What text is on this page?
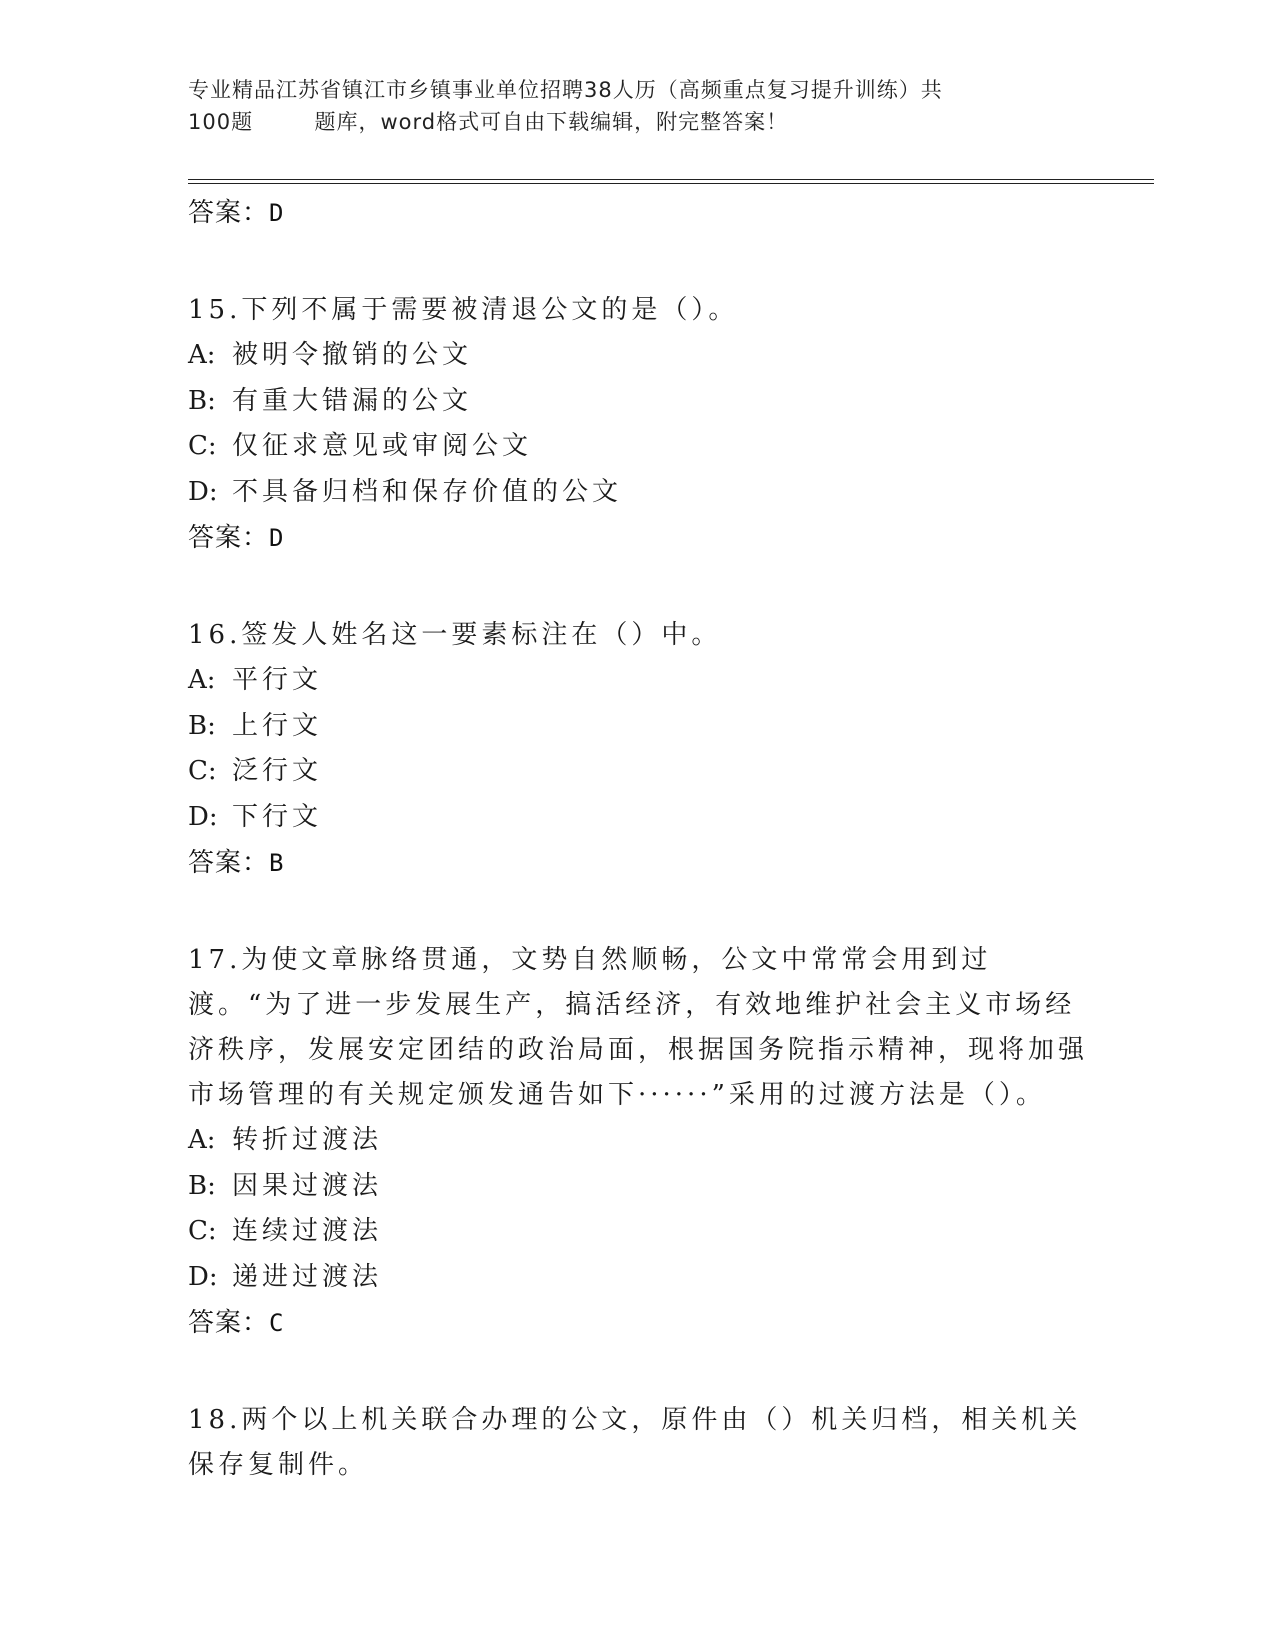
专业精品江苏省镇江市乡镇事业单位招聘38人历（高频重点复习提升训练）共
100题        题库，word格式可自由下载编辑，附完整答案！
答案：D
15.下列不属于需要被清退公文的是（）。
A: 被明令撤销的公文
B: 有重大错漏的公文
C: 仅征求意见或审阅公文
D: 不具备归档和保存价值的公文
答案：D
16.签发人姓名这一要素标注在（）中。
A: 平行文
B: 上行文
C: 泛行文
D: 下行文
答案：B
17.为使文章脉络贯通，文势自然顺畅，公文中常常会用到过渡。“为了进一步发展生产，搞活经济，有效地维护社会主义市场经济秩序，发展安定团结的政治局面，根据国务院指示精神，现将加强市场管理的有关规定颁发通告如下······”采用的过渡方法是（）。
A: 转折过渡法
B: 因果过渡法
C: 连续过渡法
D: 递进过渡法
答案：C
18.两个以上机关联合办理的公文，原件由（）机关归档，相关机关保存复制件。
